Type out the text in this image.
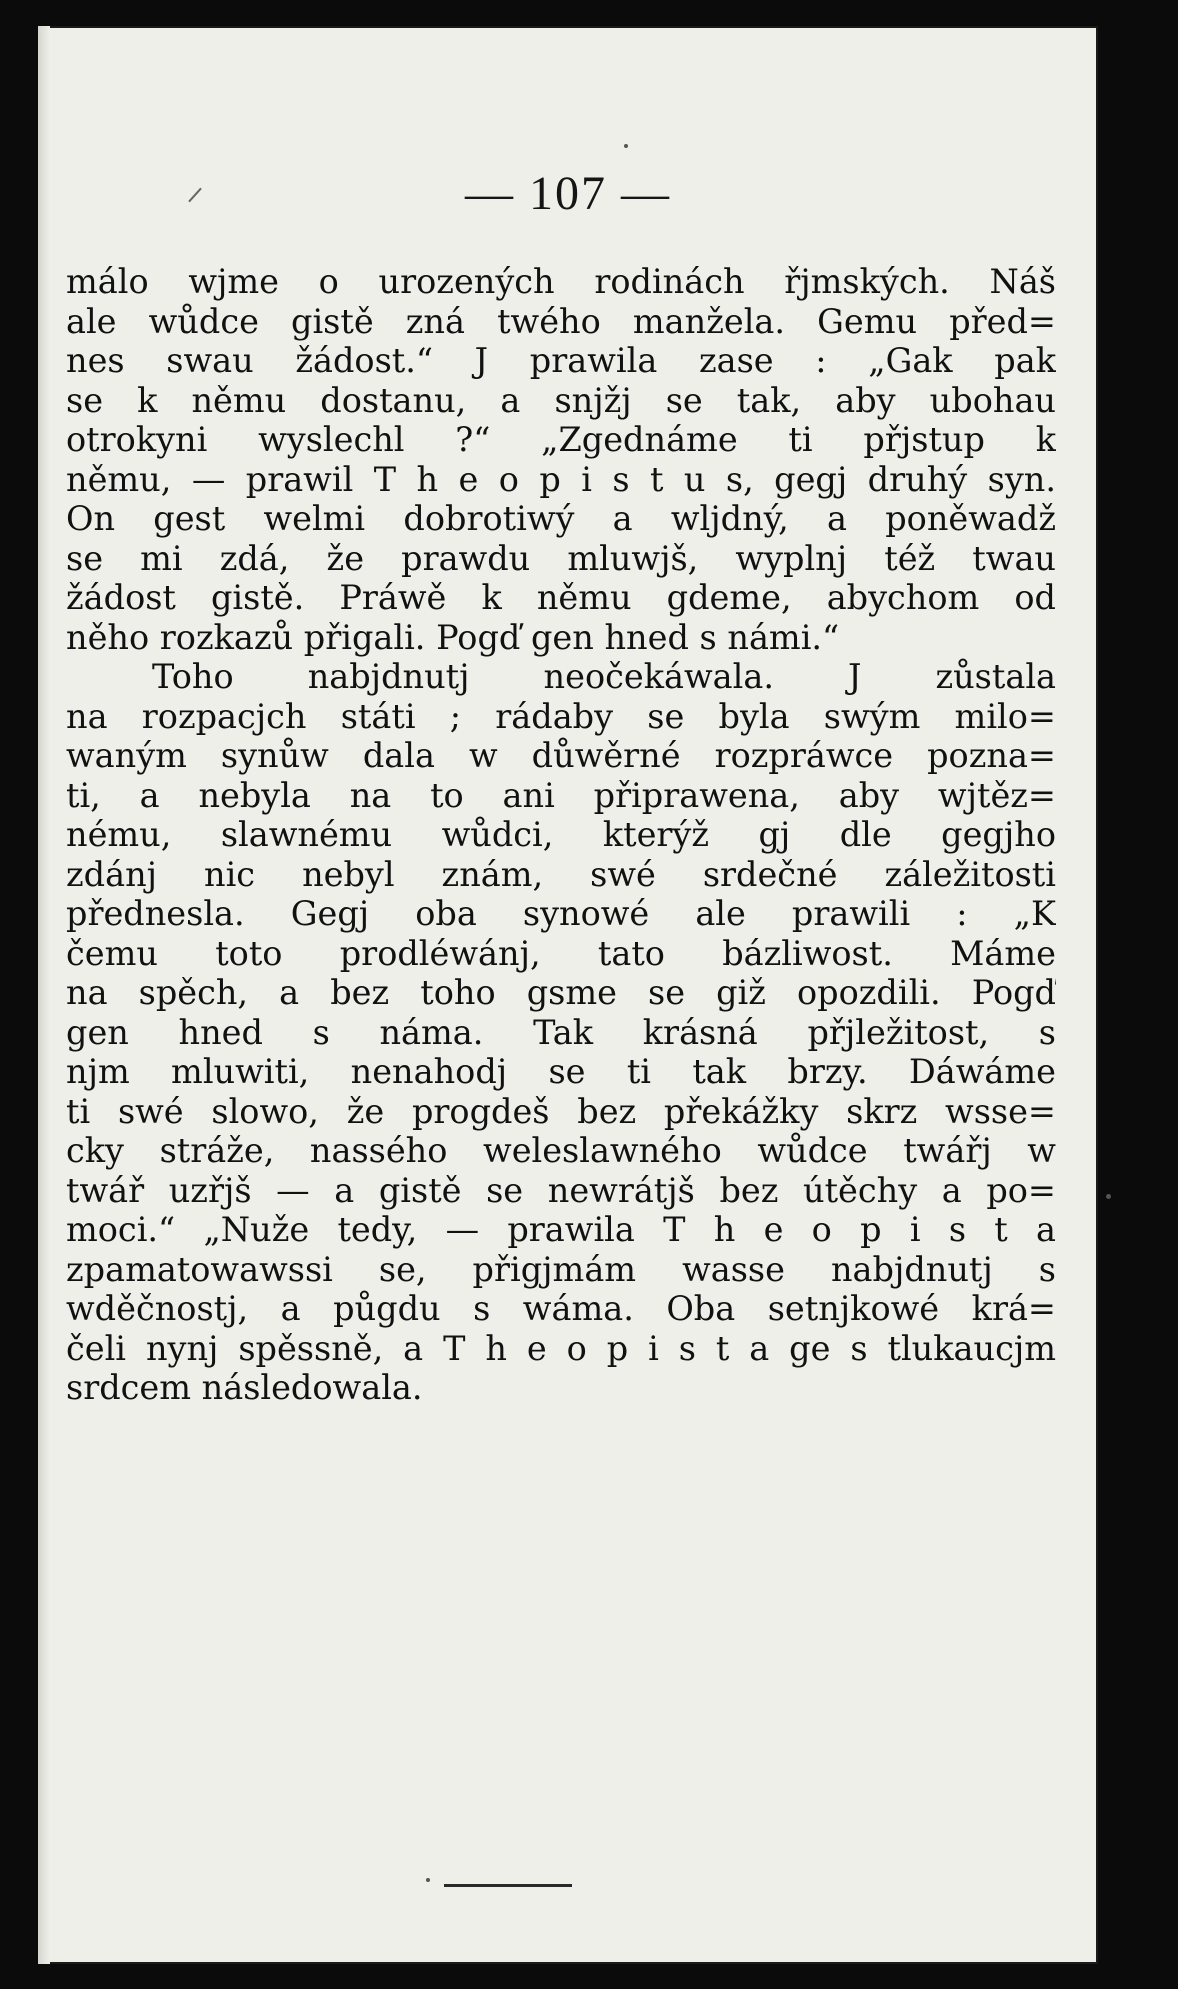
— 107 —
málo wjme o urozených rodinách řjmských. Náš
ale wůdce gistě zná twého manžela. Gemu před=
nes swau žádost.“ J prawila zase : „Gak pak
se k němu dostanu, a snjžj se tak, aby ubohau
otrokyni wyslechl ?“ „Zgednáme ti přjstup k
němu, — prawil T h e o p i s t u s, gegj druhý syn.
On gest welmi dobrotiwý a wljdný, a poněwadž
se mi zdá, že prawdu mluwjš, wyplnj též twau
žádost gistě. Práwě k němu gdeme, abychom od
něho rozkazů přigali. Pogď gen hned s námi.“
Toho nabjdnutj neočekáwala. J zůstala
na rozpacjch státi ; rádaby se byla swým milo=
waným synůw dala w důwěrné rozpráwce pozna=
ti, a nebyla na to ani připrawena, aby wjtěz=
nému, slawnému wůdci, kterýž gj dle gegjho
zdánj nic nebyl znám, swé srdečné záležitosti
přednesla. Gegj oba synowé ale prawili : „K
čemu toto prodléwánj, tato bázliwost. Máme
na spěch, a bez toho gsme se giž opozdili. Pogď
gen hned s náma. Tak krásná přjležitost, s
njm mluwiti, nenahodj se ti tak brzy. Dáwáme
ti swé slowo, že progdeš bez překážky skrz wsse=
cky stráže, nassého weleslawného wůdce twářj w
twář uzřjš — a gistě se newrátjš bez útěchy a po=
moci.“ „Nuže tedy, — prawila T h e o p i s t a
zpamatowawssi se, přigjmám wasse nabjdnutj s
wděčnostj, a půgdu s wáma. Oba setnjkowé krá=
čeli nynj spěssně, a T h e o p i s t a ge s tlukaucjm
srdcem následowala.
